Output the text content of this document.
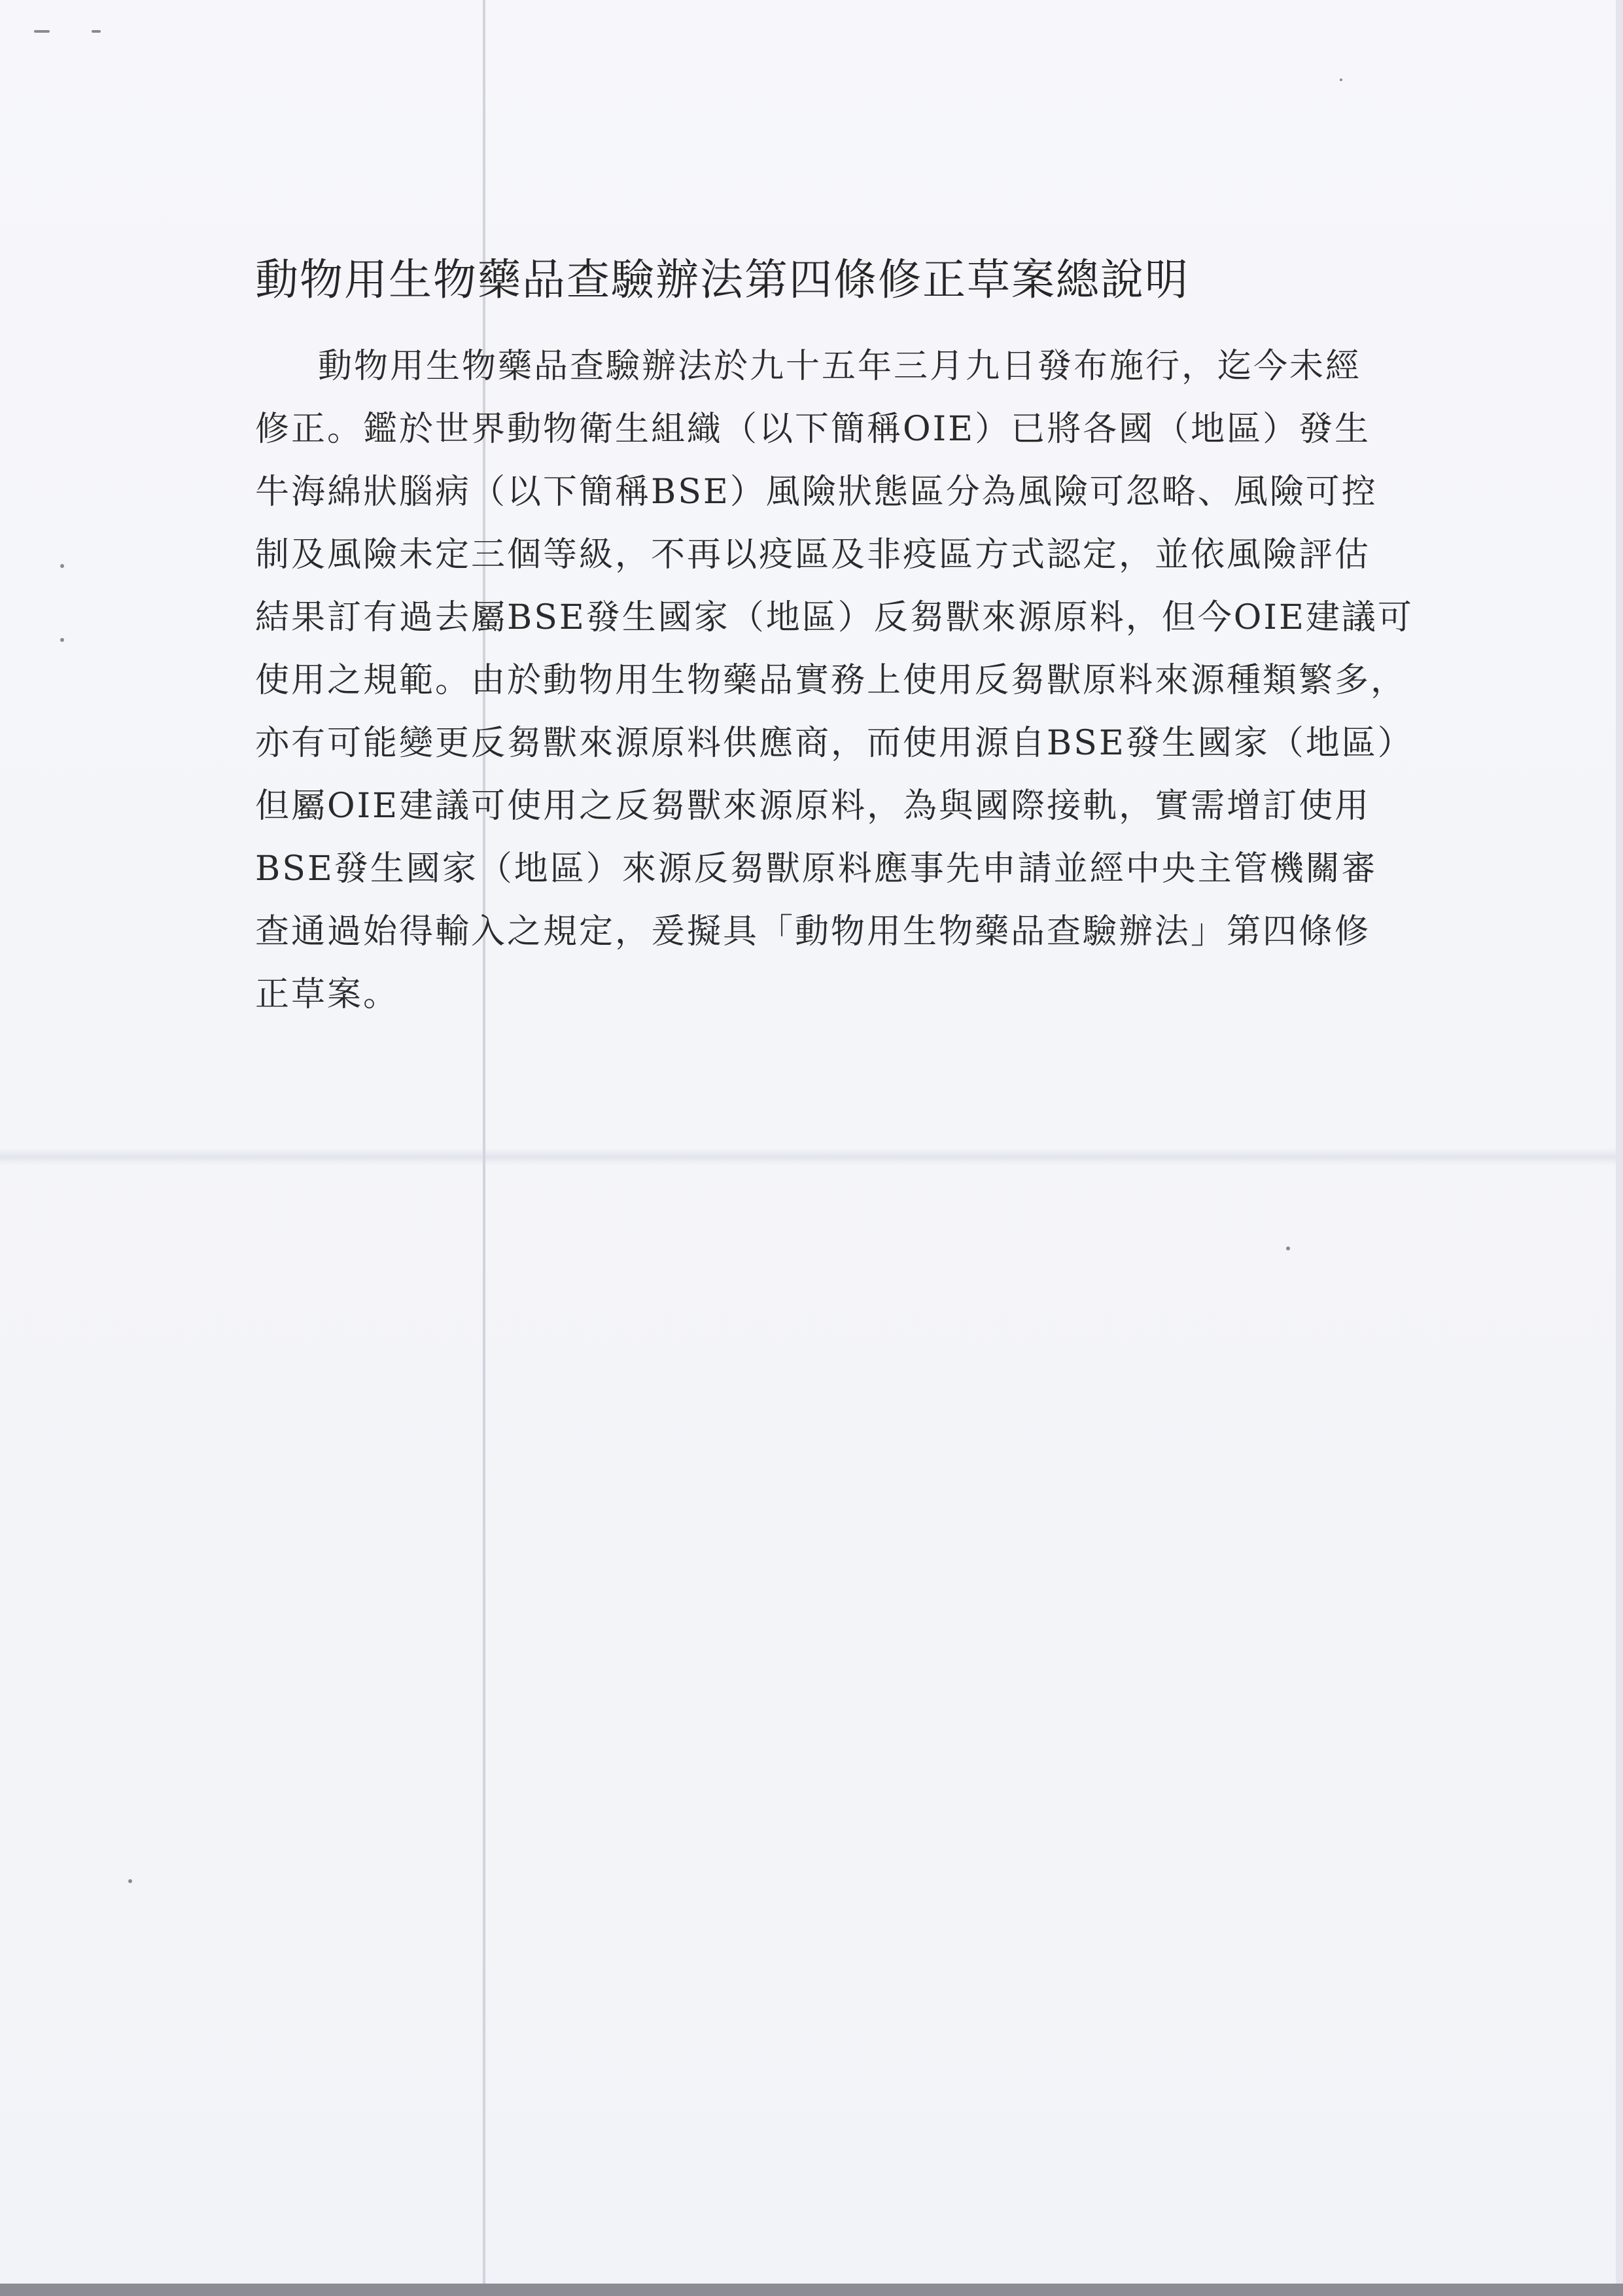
動物用生物藥品查驗辦法第四條修正草案總說明
動物用生物藥品查驗辦法於九十五年三月九日發布施行，迄今未經
修正。鑑於世界動物衛生組織（以下簡稱OIE）已將各國（地區）發生
牛海綿狀腦病（以下簡稱BSE）風險狀態區分為風險可忽略、風險可控
制及風險未定三個等級，不再以疫區及非疫區方式認定，並依風險評估
結果訂有過去屬BSE發生國家（地區）反芻獸來源原料，但今OIE建議可
使用之規範。由於動物用生物藥品實務上使用反芻獸原料來源種類繁多，
亦有可能變更反芻獸來源原料供應商，而使用源自BSE發生國家（地區）
但屬OIE建議可使用之反芻獸來源原料，為與國際接軌，實需增訂使用
BSE發生國家（地區）來源反芻獸原料應事先申請並經中央主管機關審
查通過始得輸入之規定，爰擬具「動物用生物藥品查驗辦法」第四條修
正草案。
